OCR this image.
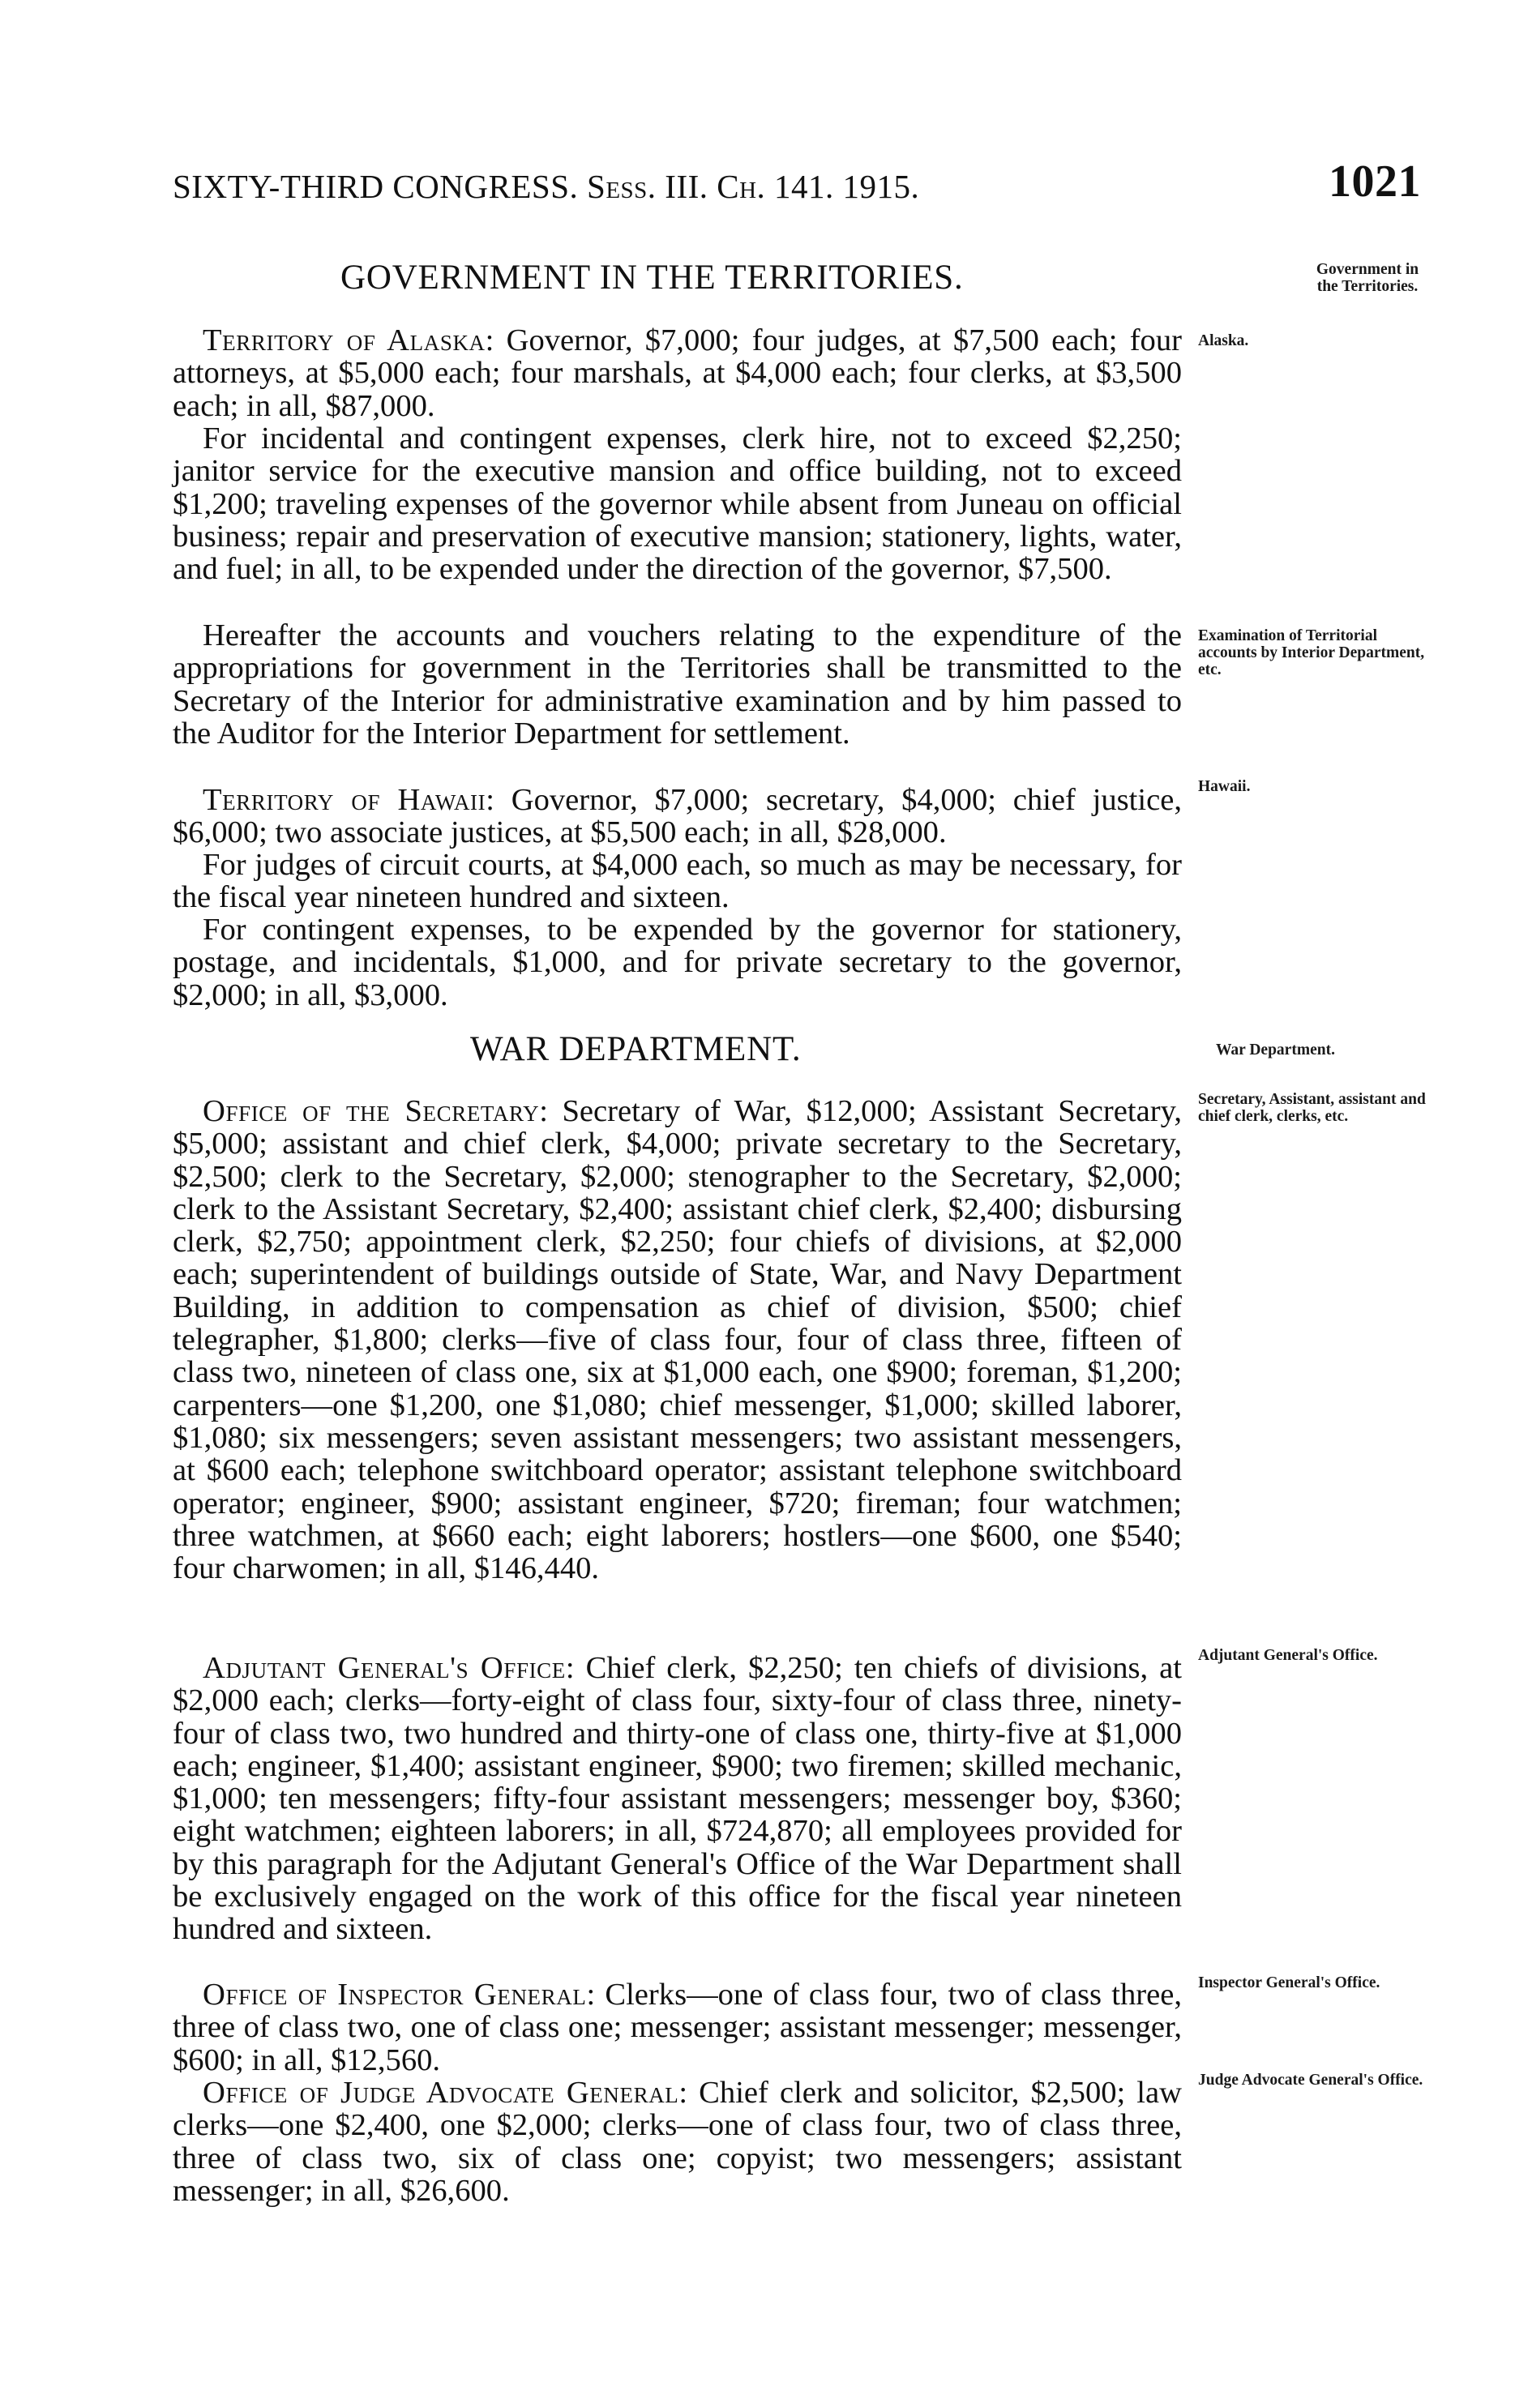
SIXTY-THIRD CONGRESS. Sess. III. Ch. 141. 1915.	1021
GOVERNMENT IN THE TERRITORIES.	Government in the Territories.

Territory of Alaska: Governor, $7,000; four judges, at $7,500 each; four attorneys, at $5,000 each; four marshals, at $4,000 each; four clerks, at $3,500 each; in all, $87,000.

Alaska.

For incidental and contingent expenses, clerk hire, not to exceed $2,250; janitor service for the executive mansion and office building, not to exceed $1,200; traveling expenses of the governor while absent from Juneau on official business; repair and preservation of executive mansion; stationery, lights, water, and fuel; in all, to be expended under the direction of the governor, $7,500.

Hereafter the accounts and vouchers relating to the expenditure of the appropriations for government in the Territories shall be transmitted to the Secretary of the Interior for administrative examination and by him passed to the Auditor for the Interior Department for settlement.

Examination of Territorial accounts by Interior Department, etc.

Territory of Hawaii: Governor, $7,000; secretary, $4,000; chief justice, $6,000; two associate justices, at $5,500 each; in all, $28,000.

Hawaii.

For judges of circuit courts, at $4,000 each, so much as may be necessary, for the fiscal year nineteen hundred and sixteen.

For contingent expenses, to be expended by the governor for stationery, postage, and incidentals, $1,000, and for private secretary to the governor, $2,000; in all, $3,000.

WAR DEPARTMENT.	War Department.

Office of the Secretary: Secretary of War, $12,000; Assistant Secretary, $5,000; assistant and chief clerk, $4,000; private secretary to the Secretary, $2,500; clerk to the Secretary, $2,000; stenographer to the Secretary, $2,000; clerk to the Assistant Secretary, $2,400; assistant chief clerk, $2,400; disbursing clerk, $2,750; appointment clerk, $2,250; four chiefs of divisions, at $2,000 each; superintendent of buildings outside of State, War, and Navy Department Building, in addition to compensation as chief of division, $500; chief telegrapher, $1,800; clerks—five of class four, four of class three, fifteen of class two, nineteen of class one, six at $1,000 each, one $900; foreman, $1,200; carpenters—one $1,200, one $1,080; chief messenger, $1,000; skilled laborer, $1,080; six messengers; seven assistant messengers; two assistant messengers, at $600 each; telephone switchboard operator; assistant telephone switchboard operator; engineer, $900; assistant engineer, $720; fireman; four watchmen; three watchmen, at $660 each; eight laborers; hostlers—one $600, one $540; four charwomen; in all, $146,440.

Secretary, Assistant, assistant and chief clerk, clerks, etc.

Adjutant General's Office: Chief clerk, $2,250; ten chiefs of divisions, at $2,000 each; clerks—forty-eight of class four, sixty-four of class three, ninety-four of class two, two hundred and thirty-one of class one, thirty-five at $1,000 each; engineer, $1,400; assistant engineer, $900; two firemen; skilled mechanic, $1,000; ten messengers; fifty-four assistant messengers; messenger boy, $360; eight watchmen; eighteen laborers; in all, $724,870; all employees provided for by this paragraph for the Adjutant General's Office of the War Department shall be exclusively engaged on the work of this office for the fiscal year nineteen hundred and sixteen.

Adjutant General's Office.

Office of Inspector General: Clerks—one of class four, two of class three, three of class two, one of class one; messenger; assistant messenger; messenger, $600; in all, $12,560.

Inspector General's Office.

Office of Judge Advocate General: Chief clerk and solicitor, $2,500; law clerks—one $2,400, one $2,000; clerks—one of class four, two of class three, three of class two, six of class one; copyist; two messengers; assistant messenger; in all, $26,600.

Judge Advocate General's Office.
